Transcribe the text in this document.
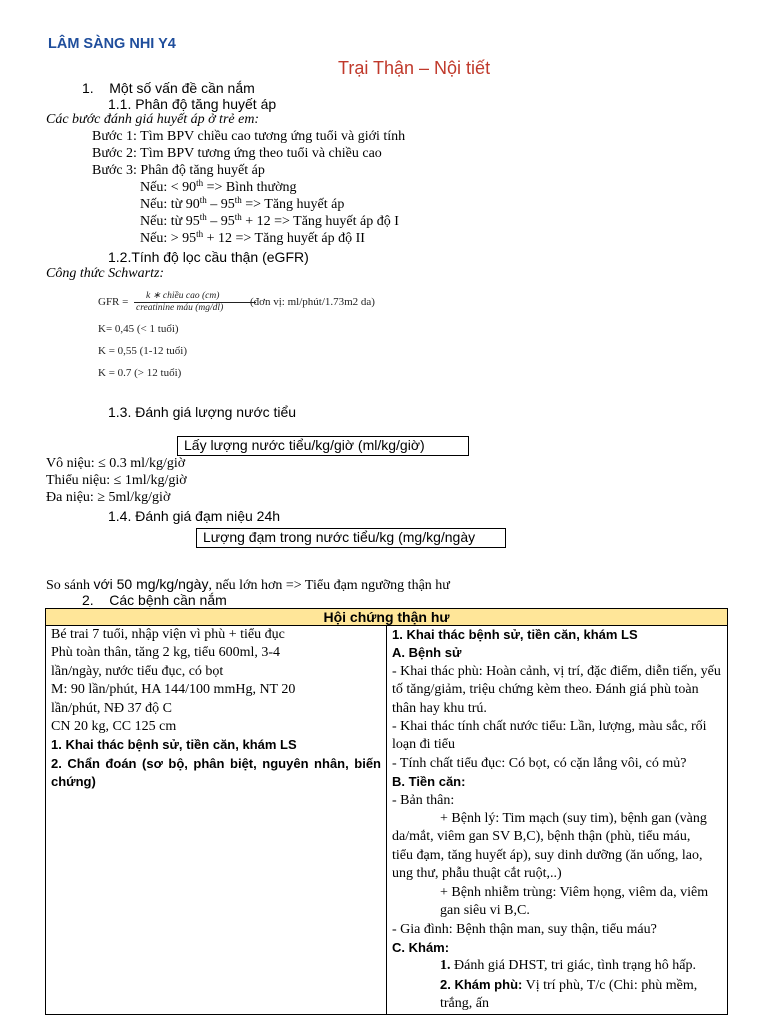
LÂM SÀNG NHI Y4
Trại Thận – Nội tiết
1. Một số vấn đề cần nắm
1.1. Phân độ tăng huyết áp
Các bước đánh giá huyết áp ở trẻ em:
Bước 1: Tìm BPV chiều cao tương ứng tuổi và giới tính
Bước 2: Tìm BPV tương ứng theo tuổi và chiều cao
Bước 3: Phân độ tăng huyết áp
Nếu: < 90th => Bình thường
Nếu: từ 90th – 95th => Tăng huyết áp
Nếu: từ 95th – 95th + 12 => Tăng huyết áp độ I
Nếu: > 95th + 12 => Tăng huyết áp độ II
1.2.Tính độ lọc cầu thận (eGFR)
Công thức Schwartz:
GFR = k ∗ chiều cao (cm)
creatinine máu (mg/dl) (đơn vị: ml/phút/1.73m2 da)
K= 0,45 (< 1 tuổi)
K = 0,55 (1-12 tuổi)
K = 0.7 (> 12 tuổi)
1.3. Đánh giá lượng nước tiểu
Lấy lượng nước tiểu/kg/giờ (ml/kg/giờ)
Vô niệu: ≤ 0.3 ml/kg/giờ
Thiểu niệu: ≤ 1ml/kg/giờ
Đa niệu: ≥ 5ml/kg/giờ
1.4. Đánh giá đạm niệu 24h
Lượng đạm trong nước tiểu/kg (mg/kg/ngày
So sánh với 50 mg/kg/ngày, nếu lớn hơn => Tiểu đạm ngưỡng thận hư
2. Các bệnh cần nắm
Hội chứng thận hư

Bé trai 7 tuổi, nhập viện vì phù + tiểu đục
Phù toàn thân, tăng 2 kg, tiểu 600ml, 3-4
lần/ngày, nước tiểu đục, có bọt
M: 90 lần/phút, HA 144/100 mmHg, NT 20
lần/phút, NĐ 37 độ C
CN 20 kg, CC 125 cm
1. Khai thác bệnh sử, tiền căn, khám LS
2. Chẩn đoán (sơ bộ, phân biệt, nguyên nhân, biến chứng)

1. Khai thác bệnh sử, tiền căn, khám LS
A. Bệnh sử
- Khai thác phù: Hoàn cảnh, vị trí, đặc điểm, diễn tiến, yếu tố tăng/giảm, triệu chứng kèm theo. Đánh giá phù toàn thân hay khu trú.
- Khai thác tính chất nước tiểu: Lần, lượng, màu sắc, rối loạn đi tiểu
- Tính chất tiểu đục: Có bọt, có cặn lắng vôi, có mủ?
B. Tiền căn:
- Bản thân:
+ Bệnh lý: Tim mạch (suy tim), bệnh gan (vàng
da/mắt, viêm gan SV B,C), bệnh thận (phù, tiểu máu,
tiểu đạm, tăng huyết áp), suy dinh dưỡng (ăn uống, lao, ung thư, phẫu thuật cắt ruột,..)
+ Bệnh nhiễm trùng: Viêm họng, viêm da, viêm gan siêu vi B,C.
- Gia đình: Bệnh thận man, suy thận, tiểu máu?
C. Khám:
1. Đánh giá DHST, tri giác, tình trạng hô hấp.
2. Khám phù: Vị trí phù, T/c (Chi: phù mềm, trắng, ấn
